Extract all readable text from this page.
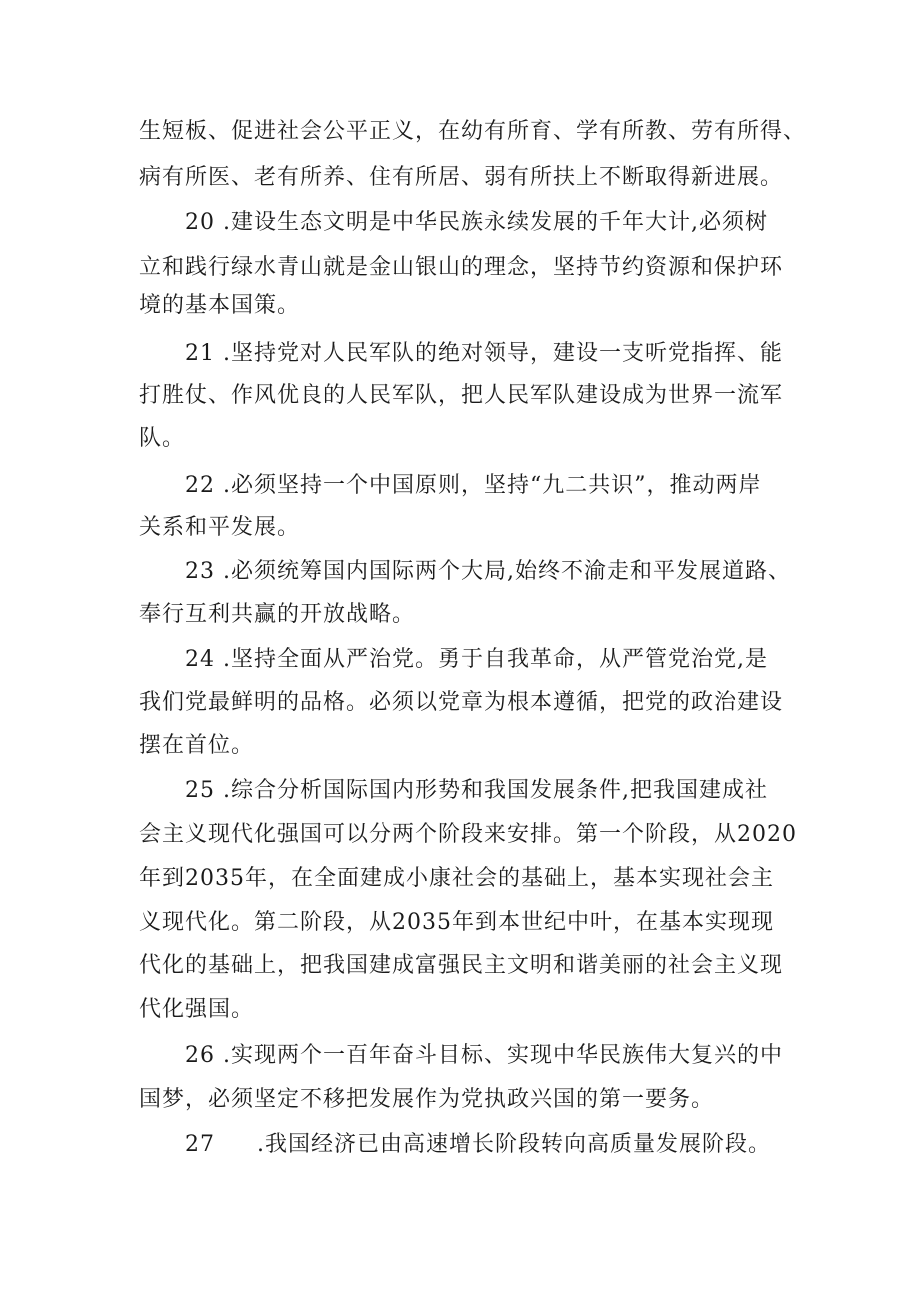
生短板、促进社会公平正义，在幼有所育、学有所教、劳有所得、
病有所医、老有所养、住有所居、弱有所扶上不断取得新进展。
20 .建设生态文明是中华民族永续发展的千年大计,必须树
立和践行绿水青山就是金山银山的理念，坚持节约资源和保护环
境的基本国策。
21 .坚持党对人民军队的绝对领导，建设一支听党指挥、能
打胜仗、作风优良的人民军队，把人民军队建设成为世界一流军
队。
22 .必须坚持一个中国原则，坚持“九二共识”，推动两岸
关系和平发展。
23 .必须统筹国内国际两个大局,始终不渝走和平发展道路、
奉行互利共赢的开放战略。
24 .坚持全面从严治党。勇于自我革命，从严管党治党,是
我们党最鲜明的品格。必须以党章为根本遵循，把党的政治建设
摆在首位。
25 .综合分析国际国内形势和我国发展条件,把我国建成社
会主义现代化强国可以分两个阶段来安排。第一个阶段，从2020
年到2035年，在全面建成小康社会的基础上，基本实现社会主
义现代化。第二阶段，从2035年到本世纪中叶，在基本实现现
代化的基础上，把我国建成富强民主文明和谐美丽的社会主义现
代化强国。
26 .实现两个一百年奋斗目标、实现中华民族伟大复兴的中
国梦，必须坚定不移把发展作为党执政兴国的第一要务。
27 .我国经济已由高速增长阶段转向高质量发展阶段。
